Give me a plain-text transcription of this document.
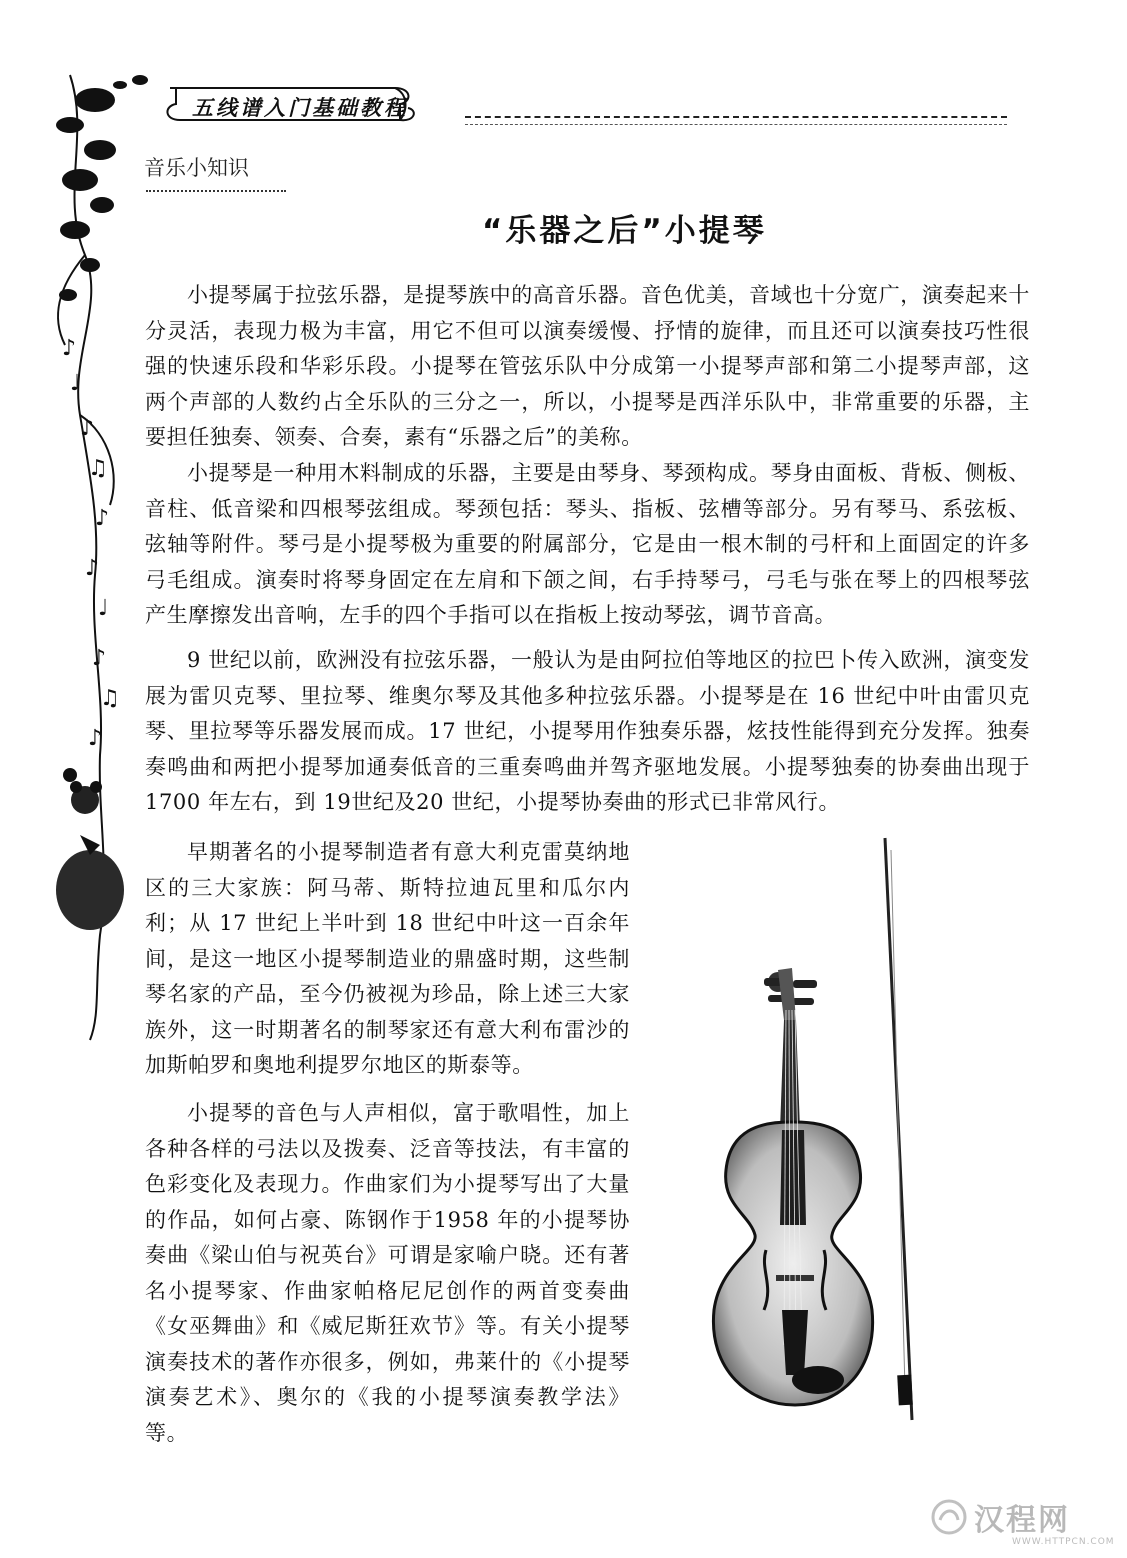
♪
♩
♪
♫
♪
♪
♩
♪
♫
♪
五线谱入门基础教程
音乐小知识
“乐器之后”小提琴

小提琴属于拉弦乐器，是提琴族中的高音乐器。音色优美，音域也十分宽广，演奏起来十分灵活，表现力极为丰富，用它不但可以演奏缓慢、抒情的旋律，而且还可以演奏技巧性很强的快速乐段和华彩乐段。小提琴在管弦乐队中分成第一小提琴声部和第二小提琴声部，这两个声部的人数约占全乐队的三分之一，所以，小提琴是西洋乐队中，非常重要的乐器，主要担任独奏、领奏、合奏，素有“乐器之后”的美称。

小提琴是一种用木料制成的乐器，主要是由琴身、琴颈构成。琴身由面板、背板、侧板、音柱、低音梁和四根琴弦组成。琴颈包括：琴头、指板、弦槽等部分。另有琴马、系弦板、弦轴等附件。琴弓是小提琴极为重要的附属部分，它是由一根木制的弓杆和上面固定的许多弓毛组成。演奏时将琴身固定在左肩和下颌之间，右手持琴弓，弓毛与张在琴上的四根琴弦产生摩擦发出音响，左手的四个手指可以在指板上按动琴弦，调节音高。

9 世纪以前，欧洲没有拉弦乐器，一般认为是由阿拉伯等地区的拉巴卜传入欧洲，演变发展为雷贝克琴、里拉琴、维奥尔琴及其他多种拉弦乐器。小提琴是在 16 世纪中叶由雷贝克琴、里拉琴等乐器发展而成。17 世纪，小提琴用作独奏乐器，炫技性能得到充分发挥。独奏奏鸣曲和两把小提琴加通奏低音的三重奏鸣曲并驾齐驱地发展。小提琴独奏的协奏曲出现于 1700 年左右，到 19世纪及20 世纪，小提琴协奏曲的形式已非常风行。

早期著名的小提琴制造者有意大利克雷莫纳地区的三大家族：阿马蒂、斯特拉迪瓦里和瓜尔内利；从 17 世纪上半叶到 18 世纪中叶这一百余年间，是这一地区小提琴制造业的鼎盛时期，这些制琴名家的产品，至今仍被视为珍品，除上述三大家族外，这一时期著名的制琴家还有意大利布雷沙的加斯帕罗和奥地利提罗尔地区的斯泰等。

小提琴的音色与人声相似，富于歌唱性，加上各种各样的弓法以及拨奏、泛音等技法，有丰富的色彩变化及表现力。作曲家们为小提琴写出了大量的作品，如何占豪、陈钢作于1958 年的小提琴协奏曲《梁山伯与祝英台》可谓是家喻户晓。还有著名小提琴家、作曲家帕格尼尼创作的两首变奏曲《女巫舞曲》和《威尼斯狂欢节》等。有关小提琴演奏技术的著作亦很多，例如，弗莱什的《小提琴演奏艺术》、奥尔的《我的小提琴演奏教学法》 等。

汉程网
WWW.HTTPCN.COM
